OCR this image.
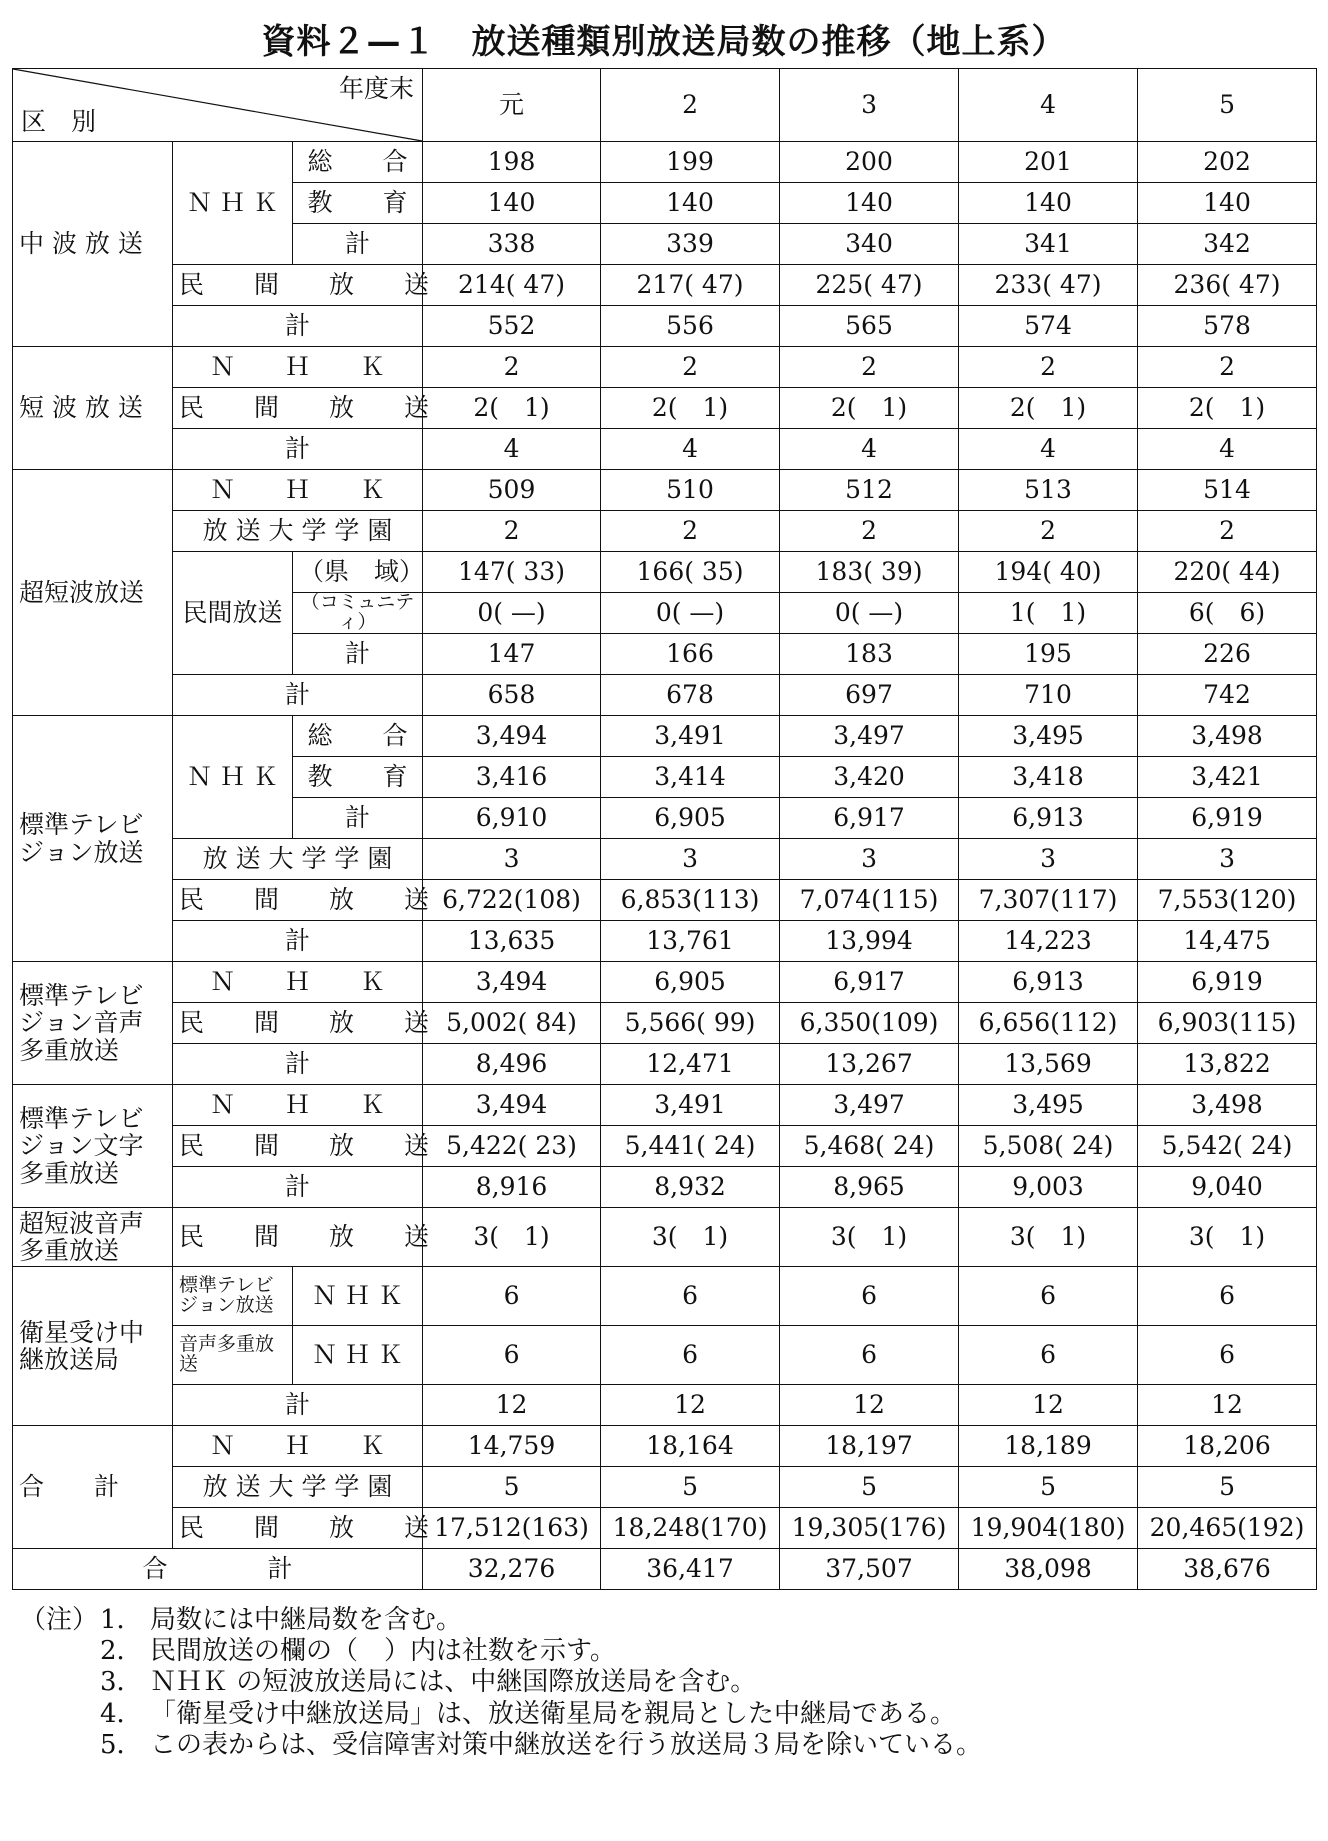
資料２—１　放送種類別放送局数の推移（地上系）
年度末
区　別			元	2	3	4	5
中 波 放 送	Ｎ Ｈ Ｋ	総　　合	198	199	200	201	202
		教　　育	140	140	140	140	140
		計	338	339	340	341	342
	民　　間　　放　　送		214( 47)	217( 47)	225( 47)	233( 47)	236( 47)
	計		552	556	565	574	578
短 波 放 送	Ｎ　　Ｈ　　Ｋ		2	2	2	2	2
	民　　間　　放　　送		2(　1)	2(　1)	2(　1)	2(　1)	2(　1)
	計		4	4	4	4	4
超短波放送	Ｎ　　Ｈ　　Ｋ		509	510	512	513	514
	放 送 大 学 学 園		2	2	2	2	2
	民間放送	（県　域）	147( 33)	166( 35)	183( 39)	194( 40)	220( 44)
		（コミュニティ）	0( —)	0( —)	0( —)	1(　1)	6(　6)
		計	147	166	183	195	226
	計		658	678	697	710	742
標準テレビジョン放送	Ｎ Ｈ Ｋ	総　　合	3,494	3,491	3,497	3,495	3,498
		教　　育	3,416	3,414	3,420	3,418	3,421
		計	6,910	6,905	6,917	6,913	6,919
	放 送 大 学 学 園		3	3	3	3	3
	民　　間　　放　　送		6,722(108)	6,853(113)	7,074(115)	7,307(117)	7,553(120)
	計		13,635	13,761	13,994	14,223	14,475
標準テレビジョン音声多重放送	Ｎ　　Ｈ　　Ｋ		3,494	6,905	6,917	6,913	6,919
	民　　間　　放　　送		5,002( 84)	5,566( 99)	6,350(109)	6,656(112)	6,903(115)
	計		8,496	12,471	13,267	13,569	13,822
標準テレビジョン文字多重放送	Ｎ　　Ｈ　　Ｋ		3,494	3,491	3,497	3,495	3,498
	民　　間　　放　　送		5,422( 23)	5,441( 24)	5,468( 24)	5,508( 24)	5,542( 24)
	計		8,916	8,932	8,965	9,003	9,040
超短波音声多重放送	民　　間　　放　　送		3(　1)	3(　1)	3(　1)	3(　1)	3(　1)
衛星受け中継放送局	標準テレビジョン放送	Ｎ Ｈ Ｋ	6	6	6	6	6
	音声多重放　　送	Ｎ Ｈ Ｋ	6	6	6	6	6
	計		12	12	12	12	12
合　　計	Ｎ　　Ｈ　　Ｋ		14,759	18,164	18,197	18,189	18,206
	放 送 大 学 学 園		5	5	5	5	5
	民　　間　　放　　送		17,512(163)	18,248(170)	19,305(176)	19,904(180)	20,465(192)
合　　　　計			32,276	36,417	37,507	38,098	38,676
（注） 1． 局数には中継局数を含む。
2． 民間放送の欄の（　）内は社数を示す。
3． ＮＨＫ の短波放送局には、中継国際放送局を含む。
4． 「衛星受け中継放送局」は、放送衛星局を親局とした中継局である。
5． この表からは、受信障害対策中継放送を行う放送局３局を除いている。
